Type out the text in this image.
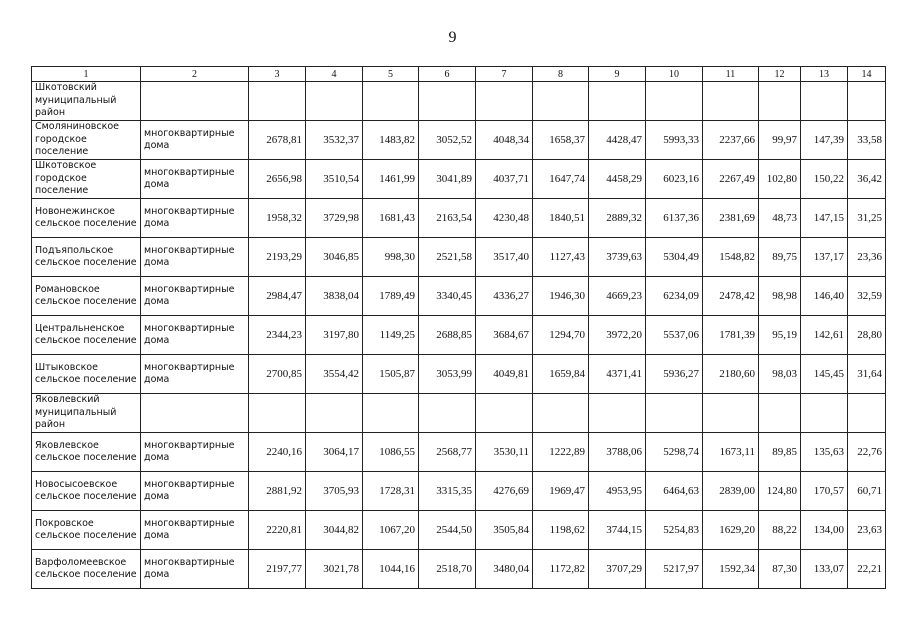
9
1	2	3	4	5	6	7	8	9	10	11	12	13	14
Шкотовский муниципальный район													
Смоляниновское городское поселение	многоквартирные дома	2678,81	3532,37	1483,82	3052,52	4048,34	1658,37	4428,47	5993,33	2237,66	99,97	147,39	33,58
Шкотовское городское поселение	многоквартирные дома	2656,98	3510,54	1461,99	3041,89	4037,71	1647,74	4458,29	6023,16	2267,49	102,80	150,22	36,42
Новонежинское сельское поселение	многоквартирные дома	1958,32	3729,98	1681,43	2163,54	4230,48	1840,51	2889,32	6137,36	2381,69	48,73	147,15	31,25
Подъяпольское сельское поселение	многоквартирные дома	2193,29	3046,85	998,30	2521,58	3517,40	1127,43	3739,63	5304,49	1548,82	89,75	137,17	23,36
Романовское сельское поселение	многоквартирные дома	2984,47	3838,04	1789,49	3340,45	4336,27	1946,30	4669,23	6234,09	2478,42	98,98	146,40	32,59
Центральненское сельское поселение	многоквартирные дома	2344,23	3197,80	1149,25	2688,85	3684,67	1294,70	3972,20	5537,06	1781,39	95,19	142,61	28,80
Штыковское сельское поселение	многоквартирные дома	2700,85	3554,42	1505,87	3053,99	4049,81	1659,84	4371,41	5936,27	2180,60	98,03	145,45	31,64
Яковлевский муниципальный район													
Яковлевское сельское поселение	многоквартирные дома	2240,16	3064,17	1086,55	2568,77	3530,11	1222,89	3788,06	5298,74	1673,11	89,85	135,63	22,76
Новосысоевское сельское поселение	многоквартирные дома	2881,92	3705,93	1728,31	3315,35	4276,69	1969,47	4953,95	6464,63	2839,00	124,80	170,57	60,71
Покровское сельское поселение	многоквартирные дома	2220,81	3044,82	1067,20	2544,50	3505,84	1198,62	3744,15	5254,83	1629,20	88,22	134,00	23,63
Варфоломеевское сельское поселение	многоквартирные дома	2197,77	3021,78	1044,16	2518,70	3480,04	1172,82	3707,29	5217,97	1592,34	87,30	133,07	22,21
